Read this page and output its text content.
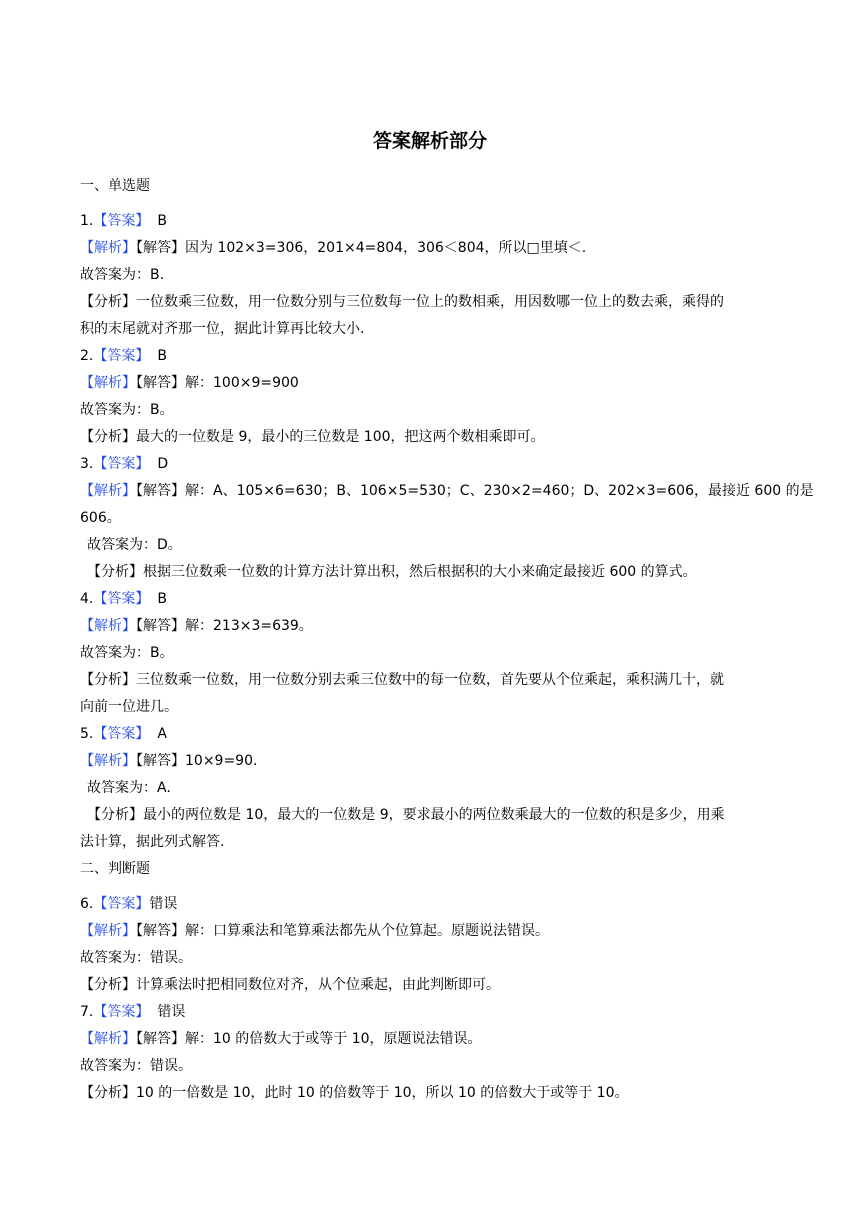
答案解析部分
一、单选题
1.【答案】 B
【解析】【解答】因为 102×3=306，201×4=804，306＜804，所以□里填＜.
故答案为：B.
【分析】一位数乘三位数，用一位数分别与三位数每一位上的数相乘，用因数哪一位上的数去乘，乘得的
积的末尾就对齐那一位，据此计算再比较大小.
2.【答案】 B
【解析】【解答】解：100×9=900
故答案为：B。
【分析】最大的一位数是 9，最小的三位数是 100，把这两个数相乘即可。
3.【答案】 D
【解析】【解答】解：A、105×6=630；B、106×5=530；C、230×2=460；D、202×3=606，最接近 600 的是
606。
故答案为：D。
【分析】根据三位数乘一位数的计算方法计算出积，然后根据积的大小来确定最接近 600 的算式。
4.【答案】 B
【解析】【解答】解：213×3=639。
故答案为：B。
【分析】三位数乘一位数，用一位数分别去乘三位数中的每一位数，首先要从个位乘起，乘积满几十，就
向前一位进几。
5.【答案】 A
【解析】【解答】10×9=90.
故答案为：A.
【分析】最小的两位数是 10，最大的一位数是 9，要求最小的两位数乘最大的一位数的积是多少，用乘
法计算，据此列式解答.
二、判断题
6.【答案】错误
【解析】【解答】解：口算乘法和笔算乘法都先从个位算起。原题说法错误。
故答案为：错误。
【分析】计算乘法时把相同数位对齐，从个位乘起，由此判断即可。
7.【答案】 错误
【解析】【解答】解：10 的倍数大于或等于 10，原题说法错误。
故答案为：错误。
【分析】10 的一倍数是 10，此时 10 的倍数等于 10，所以 10 的倍数大于或等于 10。
